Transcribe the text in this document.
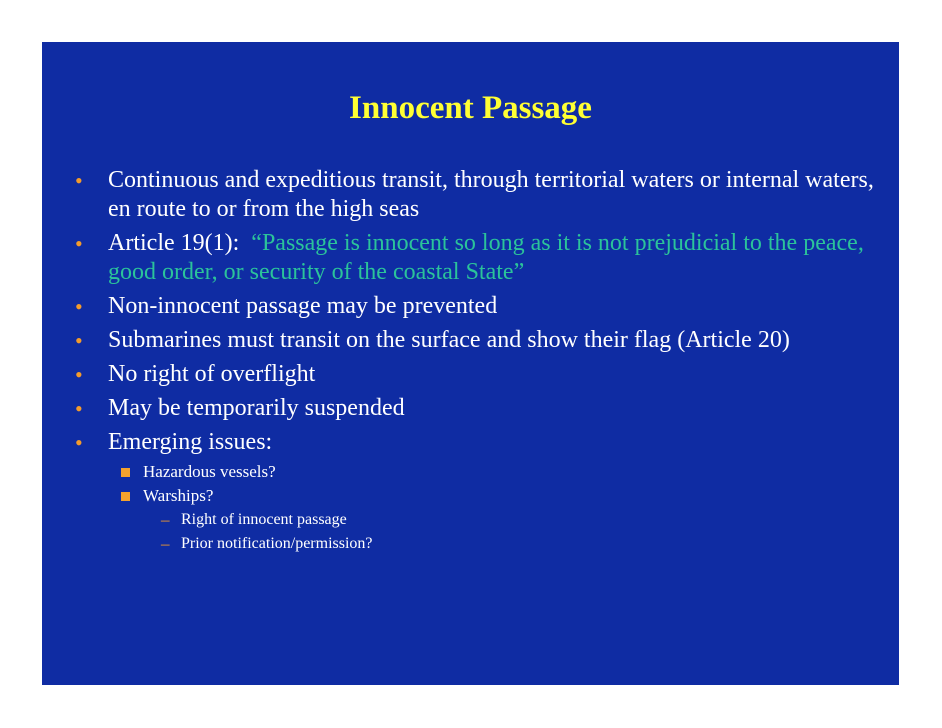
Innocent Passage
• Continuous and expeditious transit, through territorial waters or internal waters, en route to or from the high seas
• Article 19(1):  “Passage is innocent so long as it is not prejudicial to the peace, good order, or security of the coastal State”
• Non-innocent passage may be prevented
• Submarines must transit on the surface and show their flag (Article 20)
• No right of overflight
• May be temporarily suspended
• Emerging issues:
Hazardous vessels?
Warships?
– Right of innocent passage
– Prior notification/permission?
